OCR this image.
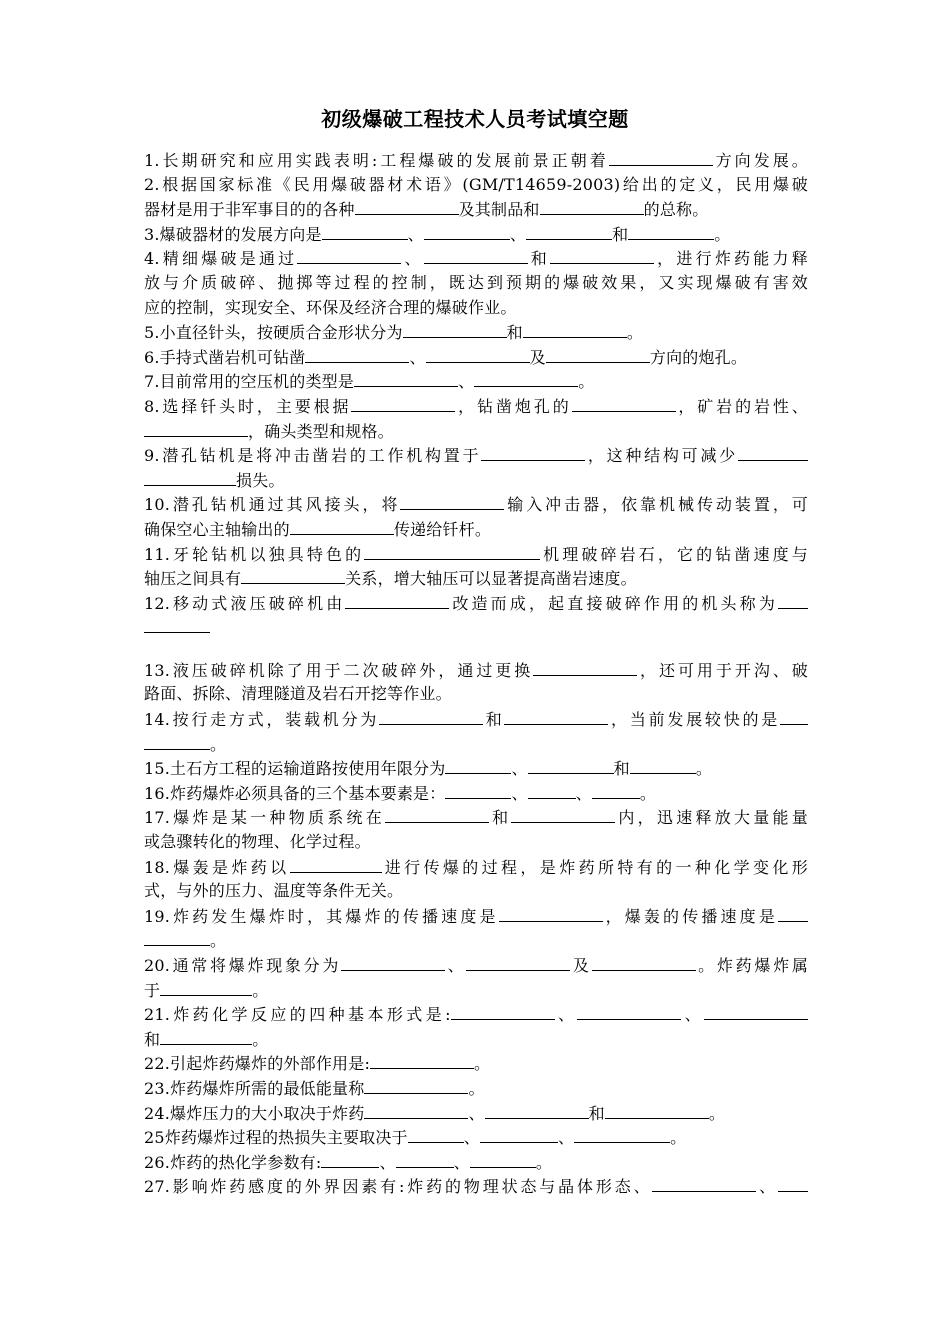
初级爆破工程技术人员考试填空题
1.长期研究和应用实践表明:工程爆破的发展前景正朝着	方向发展。
2.根据国家标准《民用爆破器材术语》(GM/T14659-2003)给出的定义，民用爆破
器材是用于非军事目的的各种	及其制品和	的总称。
3.爆破器材的发展方向是	、	、	和	。
4.精细爆破是通过	、	和	，进行炸药能力释
放与介质破碎、抛掷等过程的控制，既达到预期的爆破效果，又实现爆破有害效
应的控制，实现安全、环保及经济合理的爆破作业。
5.小直径针头，按硬质合金形状分为	和	。
6.手持式凿岩机可钻凿	、	及	方向的炮孔。
7.目前常用的空压机的类型是	、	。
8.选择钎头时，主要根据	，钻凿炮孔的	，矿岩的岩性、
，确头类型和规格。
9.潜孔钻机是将冲击凿岩的工作机构置于	，这种结构可减少
损失。
10.潜孔钻机通过其风接头，将	输入冲击器，依靠机械传动装置，可
确保空心主轴输出的	传递给钎杆。
11.牙轮钻机以独具特色的	机理破碎岩石，它的钻凿速度与
轴压之间具有	关系，增大轴压可以显著提高凿岩速度。
12.移动式液压破碎机由	改造而成，起直接破碎作用的机头称为
13.液压破碎机除了用于二次破碎外，通过更换	，还可用于开沟、破
路面、拆除、清理隧道及岩石开挖等作业。
14.按行走方式，装载机分为	和	，当前发展较快的是
。
15.土石方工程的运输道路按使用年限分为	、	和	。
16.炸药爆炸必须具备的三个基本要素是：	、	、	。
17.爆炸是某一种物质系统在	和	内，迅速释放大量能量
或急骤转化的物理、化学过程。
18.爆轰是炸药以	进行传爆的过程，是炸药所特有的一种化学变化形
式，与外的压力、温度等条件无关。
19.炸药发生爆炸时，其爆炸的传播速度是	，爆轰的传播速度是
。
20.通常将爆炸现象分为	、	及	。炸药爆炸属
于	。
21.炸药化学反应的四种基本形式是:	、	、
和	。
22.引起炸药爆炸的外部作用是:	。
23.炸药爆炸所需的最低能量称	。
24.爆炸压力的大小取决于炸药	、	和	。
25炸药爆炸过程的热损失主要取决于	、	、	。
26.炸药的热化学参数有:	、	、	。
27.影响炸药感度的外界因素有:炸药的物理状态与晶体形态、	、
